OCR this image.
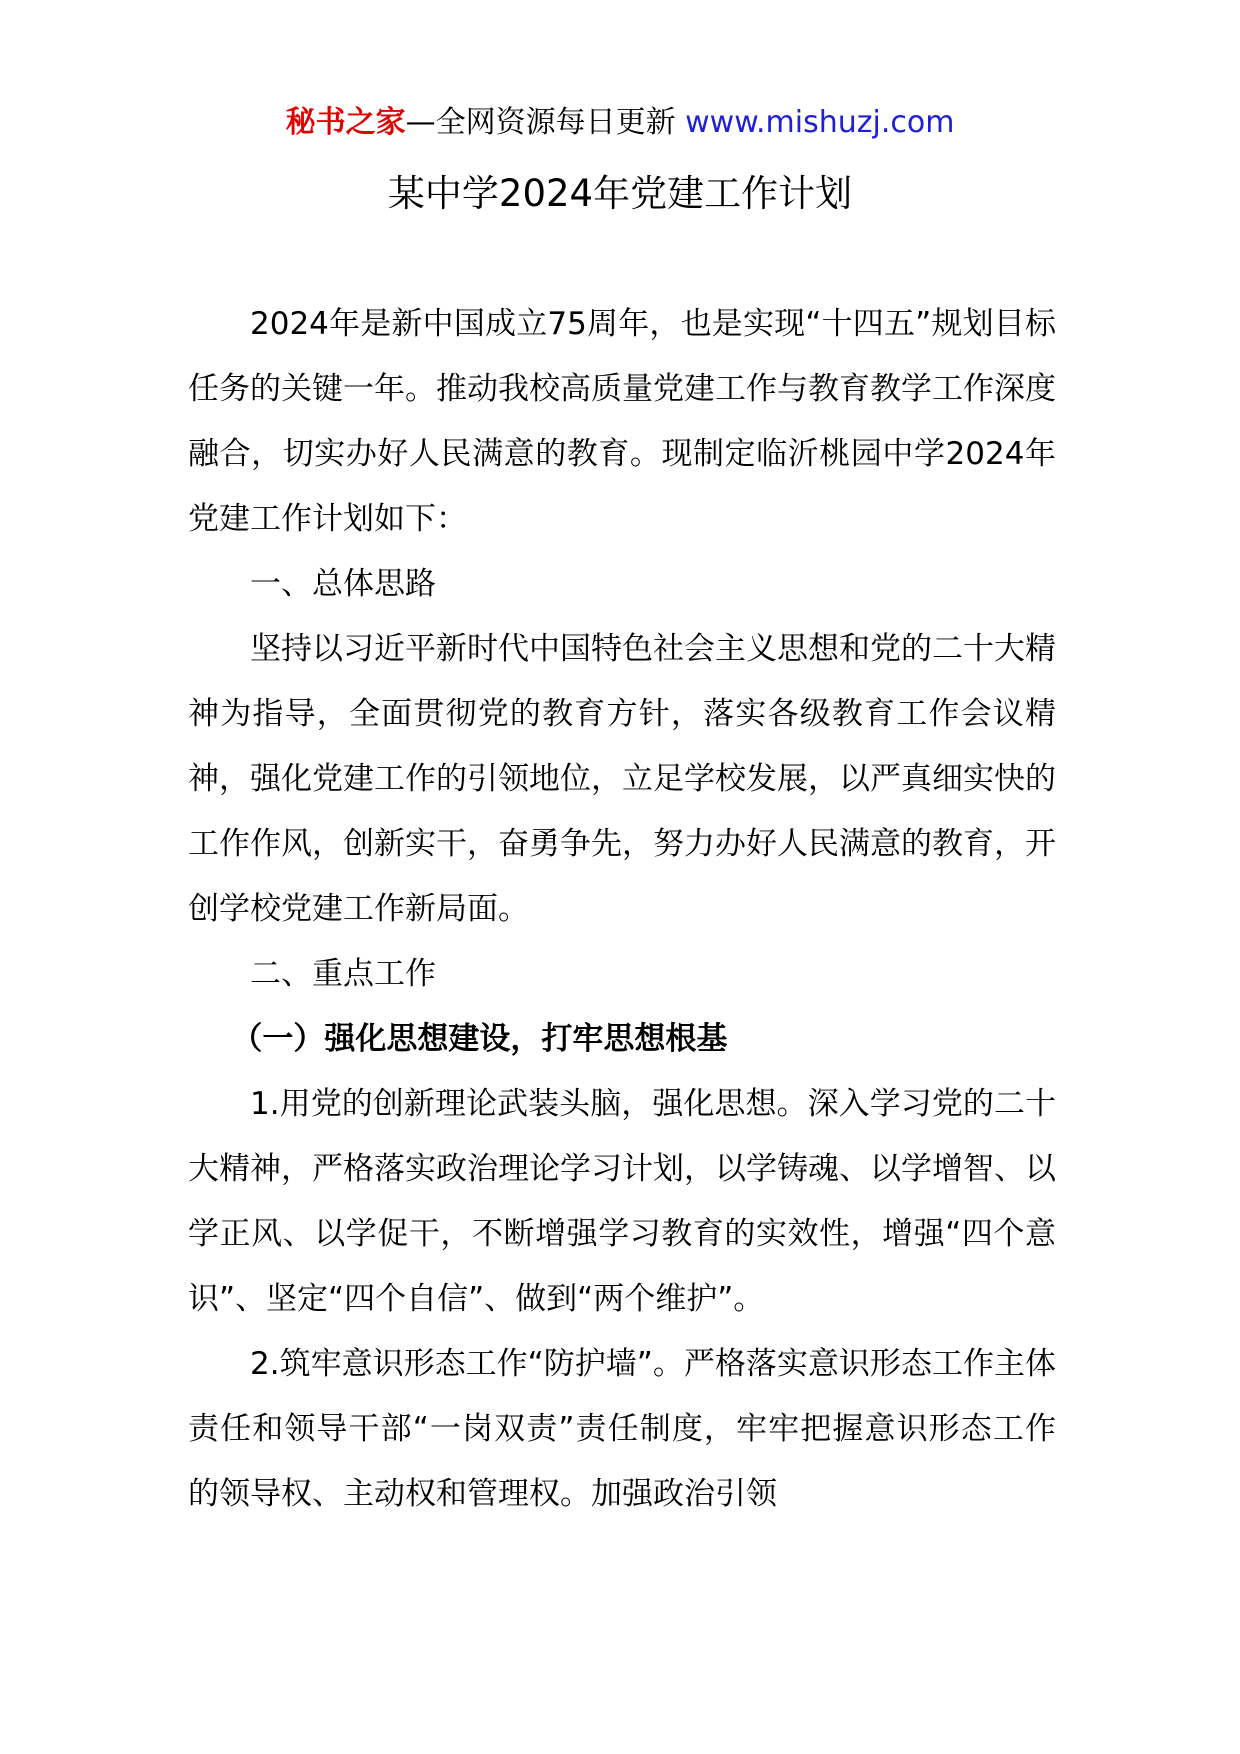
秘书之家—全网资源每日更新 www.mishuzj.com
某中学2024年党建工作计划

2024年是新中国成立75周年，也是实现“十四五”规划目标任务的关键一年。推动我校高质量党建工作与教育教学工作深度融合，切实办好人民满意的教育。现制定临沂桃园中学2024年党建工作计划如下：

一、总体思路

坚持以习近平新时代中国特色社会主义思想和党的二十大精神为指导，全面贯彻党的教育方针，落实各级教育工作会议精神，强化党建工作的引领地位，立足学校发展，以严真细实快的工作作风，创新实干，奋勇争先，努力办好人民满意的教育，开创学校党建工作新局面。

二、重点工作

（一）强化思想建设，打牢思想根基

1.用党的创新理论武装头脑，强化思想。深入学习党的二十大精神，严格落实政治理论学习计划，以学铸魂、以学增智、以学正风、以学促干，不断增强学习教育的实效性，增强“四个意识”、坚定“四个自信”、做到“两个维护”。

2.筑牢意识形态工作“防护墙”。严格落实意识形态工作主体责任和领导干部“一岗双责”责任制度，牢牢把握意识形态工作的领导权、主动权和管理权。加强政治引领
